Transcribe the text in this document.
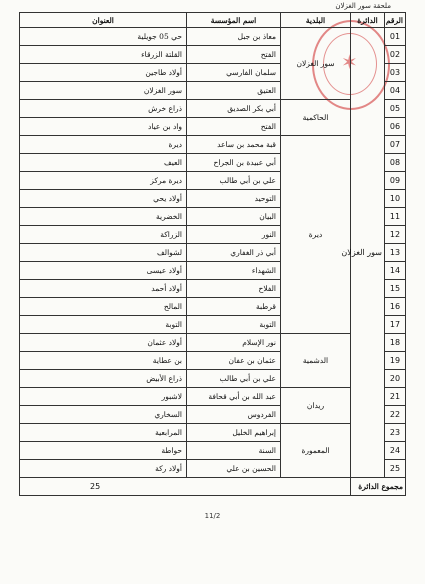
ملحقة سور الغزلان
✶
الرقم	الدائرة	البلدية	اسم المؤسسة	العنوان
01	سور الغزلان	سور الغزلان	معاذ بن جبل	حي 05 جويلية
02			الفتح	القلتة الزرقاء
03			سلمان الفارسي	أولاد طاجين
04			العتيق	سور الغزلان
05		الحاكمية	أبي بكر الصديق	ذراع خرش
06			الفتح	واد بن عياد
07		ديرة	قبة محمد بن ساعد	ديرة
08			أبي عبيدة بن الجراح	العيف
09			علي بن أبي طالب	ديرة مركز
10			التوحيد	أولاد يحي
11			البيان	الخضرية
12			النور	الزراكة
13			أبي ذر الغفاري	لشوالف
14			الشهداء	أولاد عيسى
15			الفلاح	أولاد أحمد
16			قرطبة	المالح
17			التوبة	التوبة
18		الدشمية	نور الإسلام	أولاد عثمان
19			عثمان بن عفان	بن عطاية
20			علي بن أبي طالب	ذراع الأبيض
21		ريدان	عبد الله بن أبي قحافة	لاشبور
22			الفردوس	السخاري
23		المعمورة	إبراهيم الخليل	المرابعية
24			السنة	حواطة
25			الحسين بن علي	أولاد ركة
مجموع الدائرة		25		
11/2
